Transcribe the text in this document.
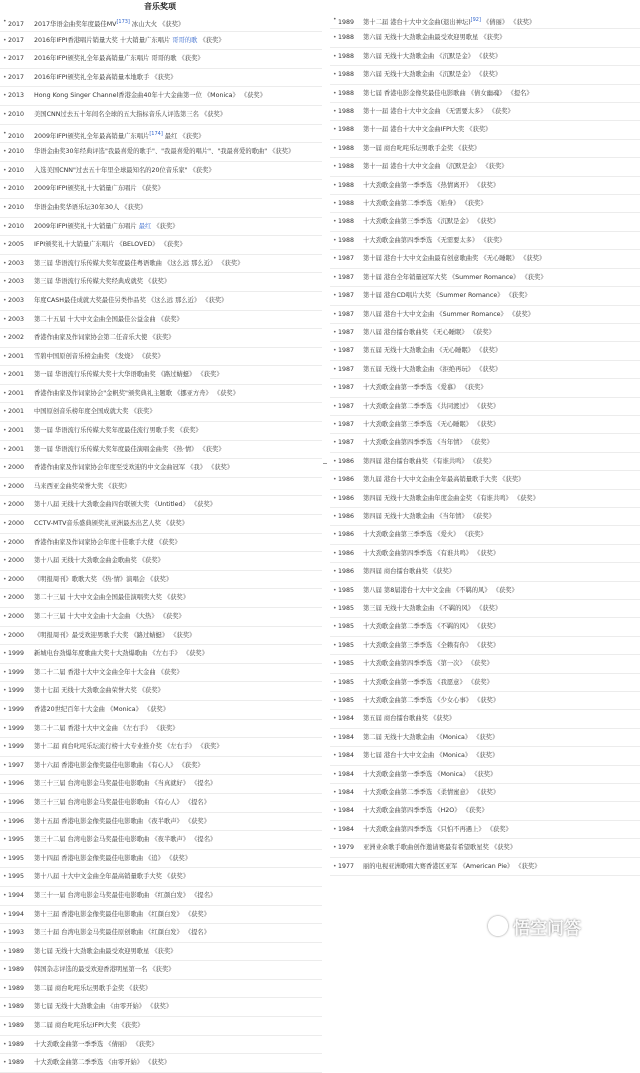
音乐奖项
• 2017 2017华语金曲奖年度最佳MV[173] 冰山大火 《获奖》
• 2017 2016年IFPI香港唱片销量大奖 十大销量广东唱片 哥哥的歌 《获奖》
• 2017 2016年IFPI颁奖礼全年最高销量广东唱片 哥哥的歌 《获奖》
• 2017 2016年IFPI颁奖礼全年最高销量本地歌手 《获奖》
• 2013 Hong Kong Singer Channel香港金曲40年十大金曲第一位 《Monica》 《获奖》
• 2010 美国CNN过去五十年间名全球的五大指标音乐人评选第三名 《获奖》
• 2010 2009年IFPI颁奖礼全年最高销量广东唱片[174] 最红 《获奖》
• 2010 华语金曲奖30年经典评选"我最喜爱的歌手"、"我最喜爱的唱片"、"我最喜爱的歌曲" 《获奖》
• 2010 入选美国CNN"过去五十年里全球最知名的20位音乐家" 《获奖》
• 2010 2009年IFPI颁奖礼十大销量广东唱片 《获奖》
• 2010 华语金曲奖华语乐坛30年30人 《获奖》
• 2010 2009年IFPI颁奖礼十大销量广东唱片 最红 《获奖》
• 2005 IFPI颁奖礼十大销量广东唱片 《BELOVED》 《获奖》
• 2003 第三届 华语流行乐传媒大奖年度最佳粤语歌曲 《这么远 那么近》 《获奖》
• 2003 第三届 华语流行乐传媒大奖经典成就奖 《获奖》
• 2003 年度CASH最佳成就大奖最佳另类作品奖 《这么远 那么近》 《获奖》
• 2003 第二十五届 十大中文金曲全国最佳公益金曲 《获奖》
• 2002 香港作曲家及作词家协会第二任音乐大使 《获奖》
• 2001 雪碧中国原创音乐榜金曲奖 《发烧》 《获奖》
• 2001 第一届 华语流行乐传媒大奖十大华语歌曲奖 《路过蜻蜓》 《获奖》
• 2001 香港作曲家及作词家协会"金帆奖"颁奖典礼主题歌 《挪亚方舟》 《获奖》
• 2001 中国原创音乐榜年度全国成就大奖 《获奖》
• 2001 第一届 华语流行乐传媒大奖年度最佳流行男歌手奖 《获奖》
• 2001 第一届 华语流行乐传媒大奖年度最佳演唱金曲奖 《热·情》 《获奖》
• 2000 香港作曲家及作词家协会年度至受欢迎的中文金曲冠军 《我》 《获奖》
• 2000 马来西亚金曲奖荣誉大奖 《获奖》
• 2000 第十八届 无线十大劲歌金曲四台联颁大奖 《Untitled》 《获奖》
• 2000 CCTV-MTV音乐盛典颁奖礼亚洲最杰出艺人奖 《获奖》
• 2000 香港作曲家及作词家协会年度十佳歌手大使 《获奖》
• 2000 第十八届 无线十大劲歌金曲金歌曲奖 《获奖》
• 2000 《明报周刊》歌歌大奖 《热·情》演唱会 《获奖》
• 2000 第二十三届 十大中文金曲全国最佳演唱奖大奖 《获奖》
• 2000 第二十三届 十大中文金曲十大金曲 《大热》 《获奖》
• 2000 《明报周刊》最受欢迎男歌手大奖 《路过蜻蜓》 《获奖》
• 1999 新城电台劲爆年度歌曲大奖十大劲爆歌曲 《左右手》 《获奖》
• 1999 第二十二届 香港十大中文金曲全年十大金曲 《获奖》
• 1999 第十七届 无线十大劲歌金曲荣誉大奖 《获奖》
• 1999 香港20世纪百年十大金曲 《Monica》 《获奖》
• 1999 第二十二届 香港十大中文金曲 《左右手》 《获奖》
• 1999 第十二届 商台叱咤乐坛流行榜十大专业推介奖 《左右手》 《获奖》
• 1997 第十六届 香港电影金像奖最佳电影歌曲 《有心人》 《获奖》
• 1996 第三十三届 台湾电影金马奖最佳电影歌曲 《当真就好》 《提名》
• 1996 第三十三届 台湾电影金马奖最佳电影歌曲 《有心人》 《提名》
• 1996 第十五届 香港电影金像奖最佳电影歌曲 《夜半歌声》 《获奖》
• 1995 第三十二届 台湾电影金马奖最佳电影歌曲 《夜半歌声》 《提名》
• 1995 第十四届 香港电影金像奖最佳电影歌曲 《追》 《获奖》
• 1995 第十八届 十大中文金曲全年最高销量歌手大奖 《获奖》
• 1994 第三十一届 台湾电影金马奖最佳电影歌曲 《红颜白发》 《提名》
• 1994 第十三届 香港电影金像奖最佳电影歌曲 《红颜白发》 《获奖》
• 1993 第三十届 台湾电影金马奖最佳原创歌曲 《红颜白发》 《提名》
• 1989 第七届 无线十大劲歌金曲最受欢迎男歌星 《获奖》
• 1989 韩国杂志评选的最受欢迎香港明星第一名 《获奖》
• 1989 第二届 商台叱咤乐坛男歌手金奖 《获奖》
• 1989 第七届 无线十大劲歌金曲 《由零开始》 《获奖》
• 1989 第二届 商台叱咤乐坛IFPI大奖 《获奖》
• 1989 十大劲歌金曲第一季季选 《倩丽》 《获奖》
• 1989 十大劲歌金曲第二季季选 《由零开始》 《获奖》
• 1989 第十二届 港台十大中文金曲(退出神坛)[92] 《倩丽》 《获奖》
• 1988 第六届 无线十大劲歌金曲最受欢迎男歌星 《获奖》
• 1988 第六届 无线十大劲歌金曲 《沉默是金》 《获奖》
• 1988 第六届 无线十大劲歌金曲 《沉默是金》 《获奖》
• 1988 第七届 香港电影金像奖最佳电影歌曲 《倩女幽魂》 《提名》
• 1988 第十一届 港台十大中文金曲 《无需要太多》 《获奖》
• 1988 第十一届 港台十大中文金曲IFPI大奖 《获奖》
• 1988 第一届 商台叱咤乐坛男歌手金奖 《获奖》
• 1988 第十一届 港台十大中文金曲 《沉默是金》 《获奖》
• 1988 十大劲歌金曲第一季季选 《热情离开》 《获奖》
• 1988 十大劲歌金曲第二季季选 《贴身》 《获奖》
• 1988 十大劲歌金曲第三季季选 《沉默是金》 《获奖》
• 1988 十大劲歌金曲第四季季选 《无需要太多》 《获奖》
• 1987 第十届 港台十大中文金曲最有创意歌曲奖 《无心睡眠》 《获奖》
• 1987 第十届 港台全年销量冠军大奖 《Summer Romance》 《获奖》
• 1987 第十届 港台CD唱片大奖 《Summer Romance》 《获奖》
• 1987 第八届 港台十大中文金曲 《Summer Romance》 《获奖》
• 1987 第八届 港台擂台歌曲奖 《无心睡眠》 《获奖》
• 1987 第五届 无线十大劲歌金曲 《无心睡眠》 《获奖》
• 1987 第五届 无线十大劲歌金曲 《拒绝再玩》 《获奖》
• 1987 十大劲歌金曲第一季季选 《爱慕》 《获奖》
• 1987 十大劲歌金曲第二季季选 《共同渡过》 《获奖》
• 1987 十大劲歌金曲第三季季选 《无心睡眠》 《获奖》
• 1987 十大劲歌金曲第四季季选 《当年情》 《获奖》
• 1986 第四届 港台擂台歌曲奖 《有谁共鸣》 《获奖》
• 1986 第九届 港台十大中文金曲全年最高销量歌手大奖 《获奖》
• 1986 第四届 无线十大劲歌金曲年度金曲金奖 《有谁共鸣》 《获奖》
• 1986 第四届 无线十大劲歌金曲 《当年情》 《获奖》
• 1986 十大劲歌金曲第三季季选 《爱火》 《获奖》
• 1986 十大劲歌金曲第四季季选 《有谁共鸣》 《获奖》
• 1986 第四届 商台擂台歌曲奖 《获奖》
• 1985 第八届 第8届港台十大中文金曲 《不羁的风》 《获奖》
• 1985 第三届 无线十大劲歌金曲 《不羁的风》 《获奖》
• 1985 十大劲歌金曲第二季季选 《不羁的风》 《获奖》
• 1985 十大劲歌金曲第三季季选 《全赖有你》 《获奖》
• 1985 十大劲歌金曲第四季季选 《第一次》 《获奖》
• 1985 十大劲歌金曲第一季季选 《我愿意》 《获奖》
• 1985 十大劲歌金曲第二季季选 《少女心事》 《获奖》
• 1984 第五届 商台擂台歌曲奖 《获奖》
• 1984 第二届 无线十大劲歌金曲 《Monica》 《获奖》
• 1984 第七届 港台十大中文金曲 《Monica》 《获奖》
• 1984 十大劲歌金曲第一季季选 《Monica》 《获奖》
• 1984 十大劲歌金曲第二季季选 《柔情蜜意》 《获奖》
• 1984 十大劲歌金曲第四季季选 《H2O》 《获奖》
• 1984 十大劲歌金曲第四季季选 《只怕不再遇上》 《获奖》
• 1979 亚洲业余歌手歌曲创作邀请赛最有希望歌星奖 《获奖》
• 1977 丽的电视亚洲歌唱大赛香港区亚军 《American Pie》 《获奖》
悟空问答
